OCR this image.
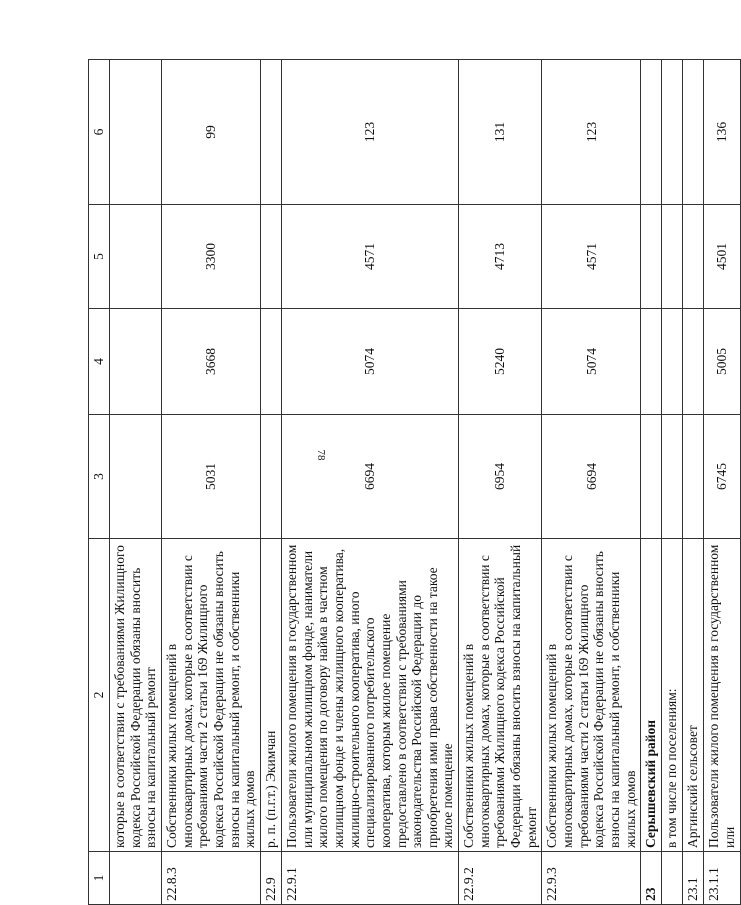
78
1	2	3	4	5	6
	которые в соответствии с требованиями Жилищного кодекса Российской Федерации обязаны вносить взносы на капитальный ремонт				
22.8.3	Собственники жилых помещений в многоквартирных домах, которые в соответствии с требованиями части 2 статьи 169 Жилищного кодекса Российской Федерации не обязаны вносить взносы на капитальный ремонт, и собственники жилых домов	5031	3668	3300	99
22.9	р. п. (п.г.т.) Экимчан				
22.9.1	Пользователи жилого помещения в государственном или муниципальном жилищном фонде, наниматели жилого помещения по договору найма в частном жилищном фонде и члены жилищного кооператива, жилищно-строительного кооператива, иного специализированного потребительского кооператива, которым жилое помещение предоставлено в соответствии с требованиями законодательства Российской Федерации до приобретения ими права собственности на такое жилое помещение	6694	5074	4571	123
22.9.2	Собственники жилых помещений в многоквартирных домах, которые в соответствии с требованиями Жилищного кодекса Российской Федерации обязаны вносить взносы на капитальный ремонт	6954	5240	4713	131
22.9.3	Собственники жилых помещений в многоквартирных домах, которые в соответствии с требованиями части 2 статьи 169 Жилищного кодекса Российской Федерации не обязаны вносить взносы на капитальный ремонт, и собственники жилых домов	6694	5074	4571	123
23	Серышевский район				
	в том числе по поселениям:				
23.1	Аргинский сельсовет				
23.1.1	Пользователи жилого помещения в государственном или	6745	5005	4501	136
